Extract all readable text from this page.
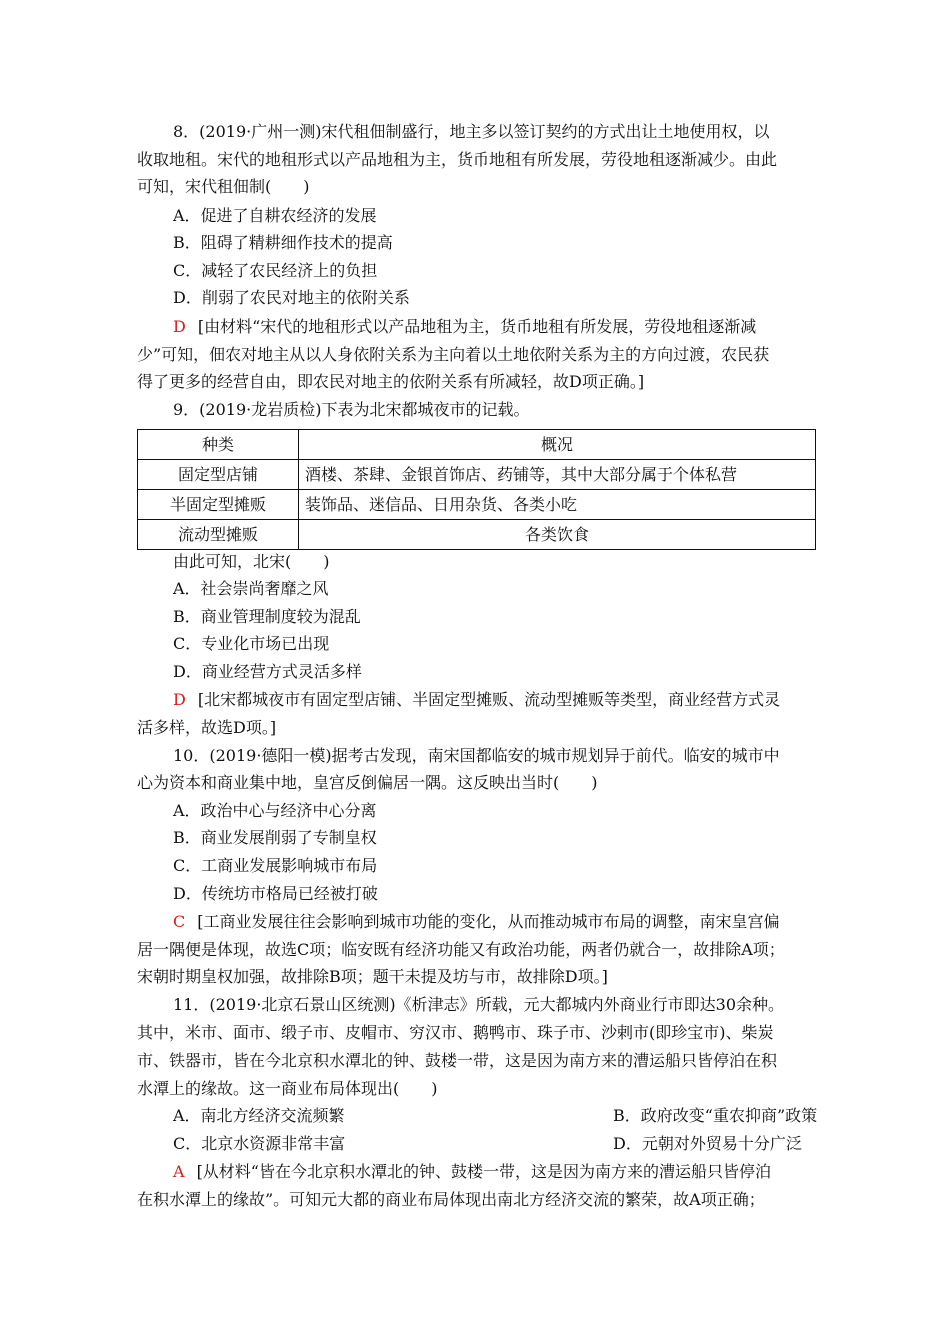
8．(2019·广州一测)宋代租佃制盛行，地主多以签订契约的方式出让土地使用权，以
收取地租。宋代的地租形式以产品地租为主，货币地租有所发展，劳役地租逐渐减少。由此
可知，宋代租佃制(　　)
A．促进了自耕农经济的发展
B．阻碍了精耕细作技术的提高
C．减轻了农民经济上的负担
D．削弱了农民对地主的依附关系
D [由材料“宋代的地租形式以产品地租为主，货币地租有所发展，劳役地租逐渐减
少”可知，佃农对地主从以人身依附关系为主向着以土地依附关系为主的方向过渡，农民获
得了更多的经营自由，即农民对地主的依附关系有所减轻，故D项正确。]
9．(2019·龙岩质检)下表为北宋都城夜市的记载。
种类	概况
固定型店铺	酒楼、茶肆、金银首饰店、药铺等，其中大部分属于个体私营
半固定型摊贩	装饰品、迷信品、日用杂货、各类小吃
流动型摊贩	各类饮食
由此可知，北宋(　　)
A．社会崇尚奢靡之风
B．商业管理制度较为混乱
C．专业化市场已出现
D．商业经营方式灵活多样
D [北宋都城夜市有固定型店铺、半固定型摊贩、流动型摊贩等类型，商业经营方式灵
活多样，故选D项。]
10．(2019·德阳一模)据考古发现，南宋国都临安的城市规划异于前代。临安的城市中
心为资本和商业集中地，皇宫反倒偏居一隅。这反映出当时(　　)
A．政治中心与经济中心分离
B．商业发展削弱了专制皇权
C．工商业发展影响城市布局
D．传统坊市格局已经被打破
C [工商业发展往往会影响到城市功能的变化，从而推动城市布局的调整，南宋皇宫偏
居一隅便是体现，故选C项；临安既有经济功能又有政治功能，两者仍就合一，故排除A项；
宋朝时期皇权加强，故排除B项；题干未提及坊与市，故排除D项。]
11．(2019·北京石景山区统测)《析津志》所载，元大都城内外商业行市即达30余种。
其中，米市、面市、缎子市、皮帽市、穷汉市、鹅鸭市、珠子市、沙剌市(即珍宝市)、柴炭
市、铁器市，皆在今北京积水潭北的钟、鼓楼一带，这是因为南方来的漕运船只皆停泊在积
水潭上的缘故。这一商业布局体现出(　　)
A．南北方经济交流频繁	B．政府改变“重农抑商”政策
C．北京水资源非常丰富	D．元朝对外贸易十分广泛
A [从材料“皆在今北京积水潭北的钟、鼓楼一带，这是因为南方来的漕运船只皆停泊
在积水潭上的缘故”。可知元大都的商业布局体现出南北方经济交流的繁荣，故A项正确；
